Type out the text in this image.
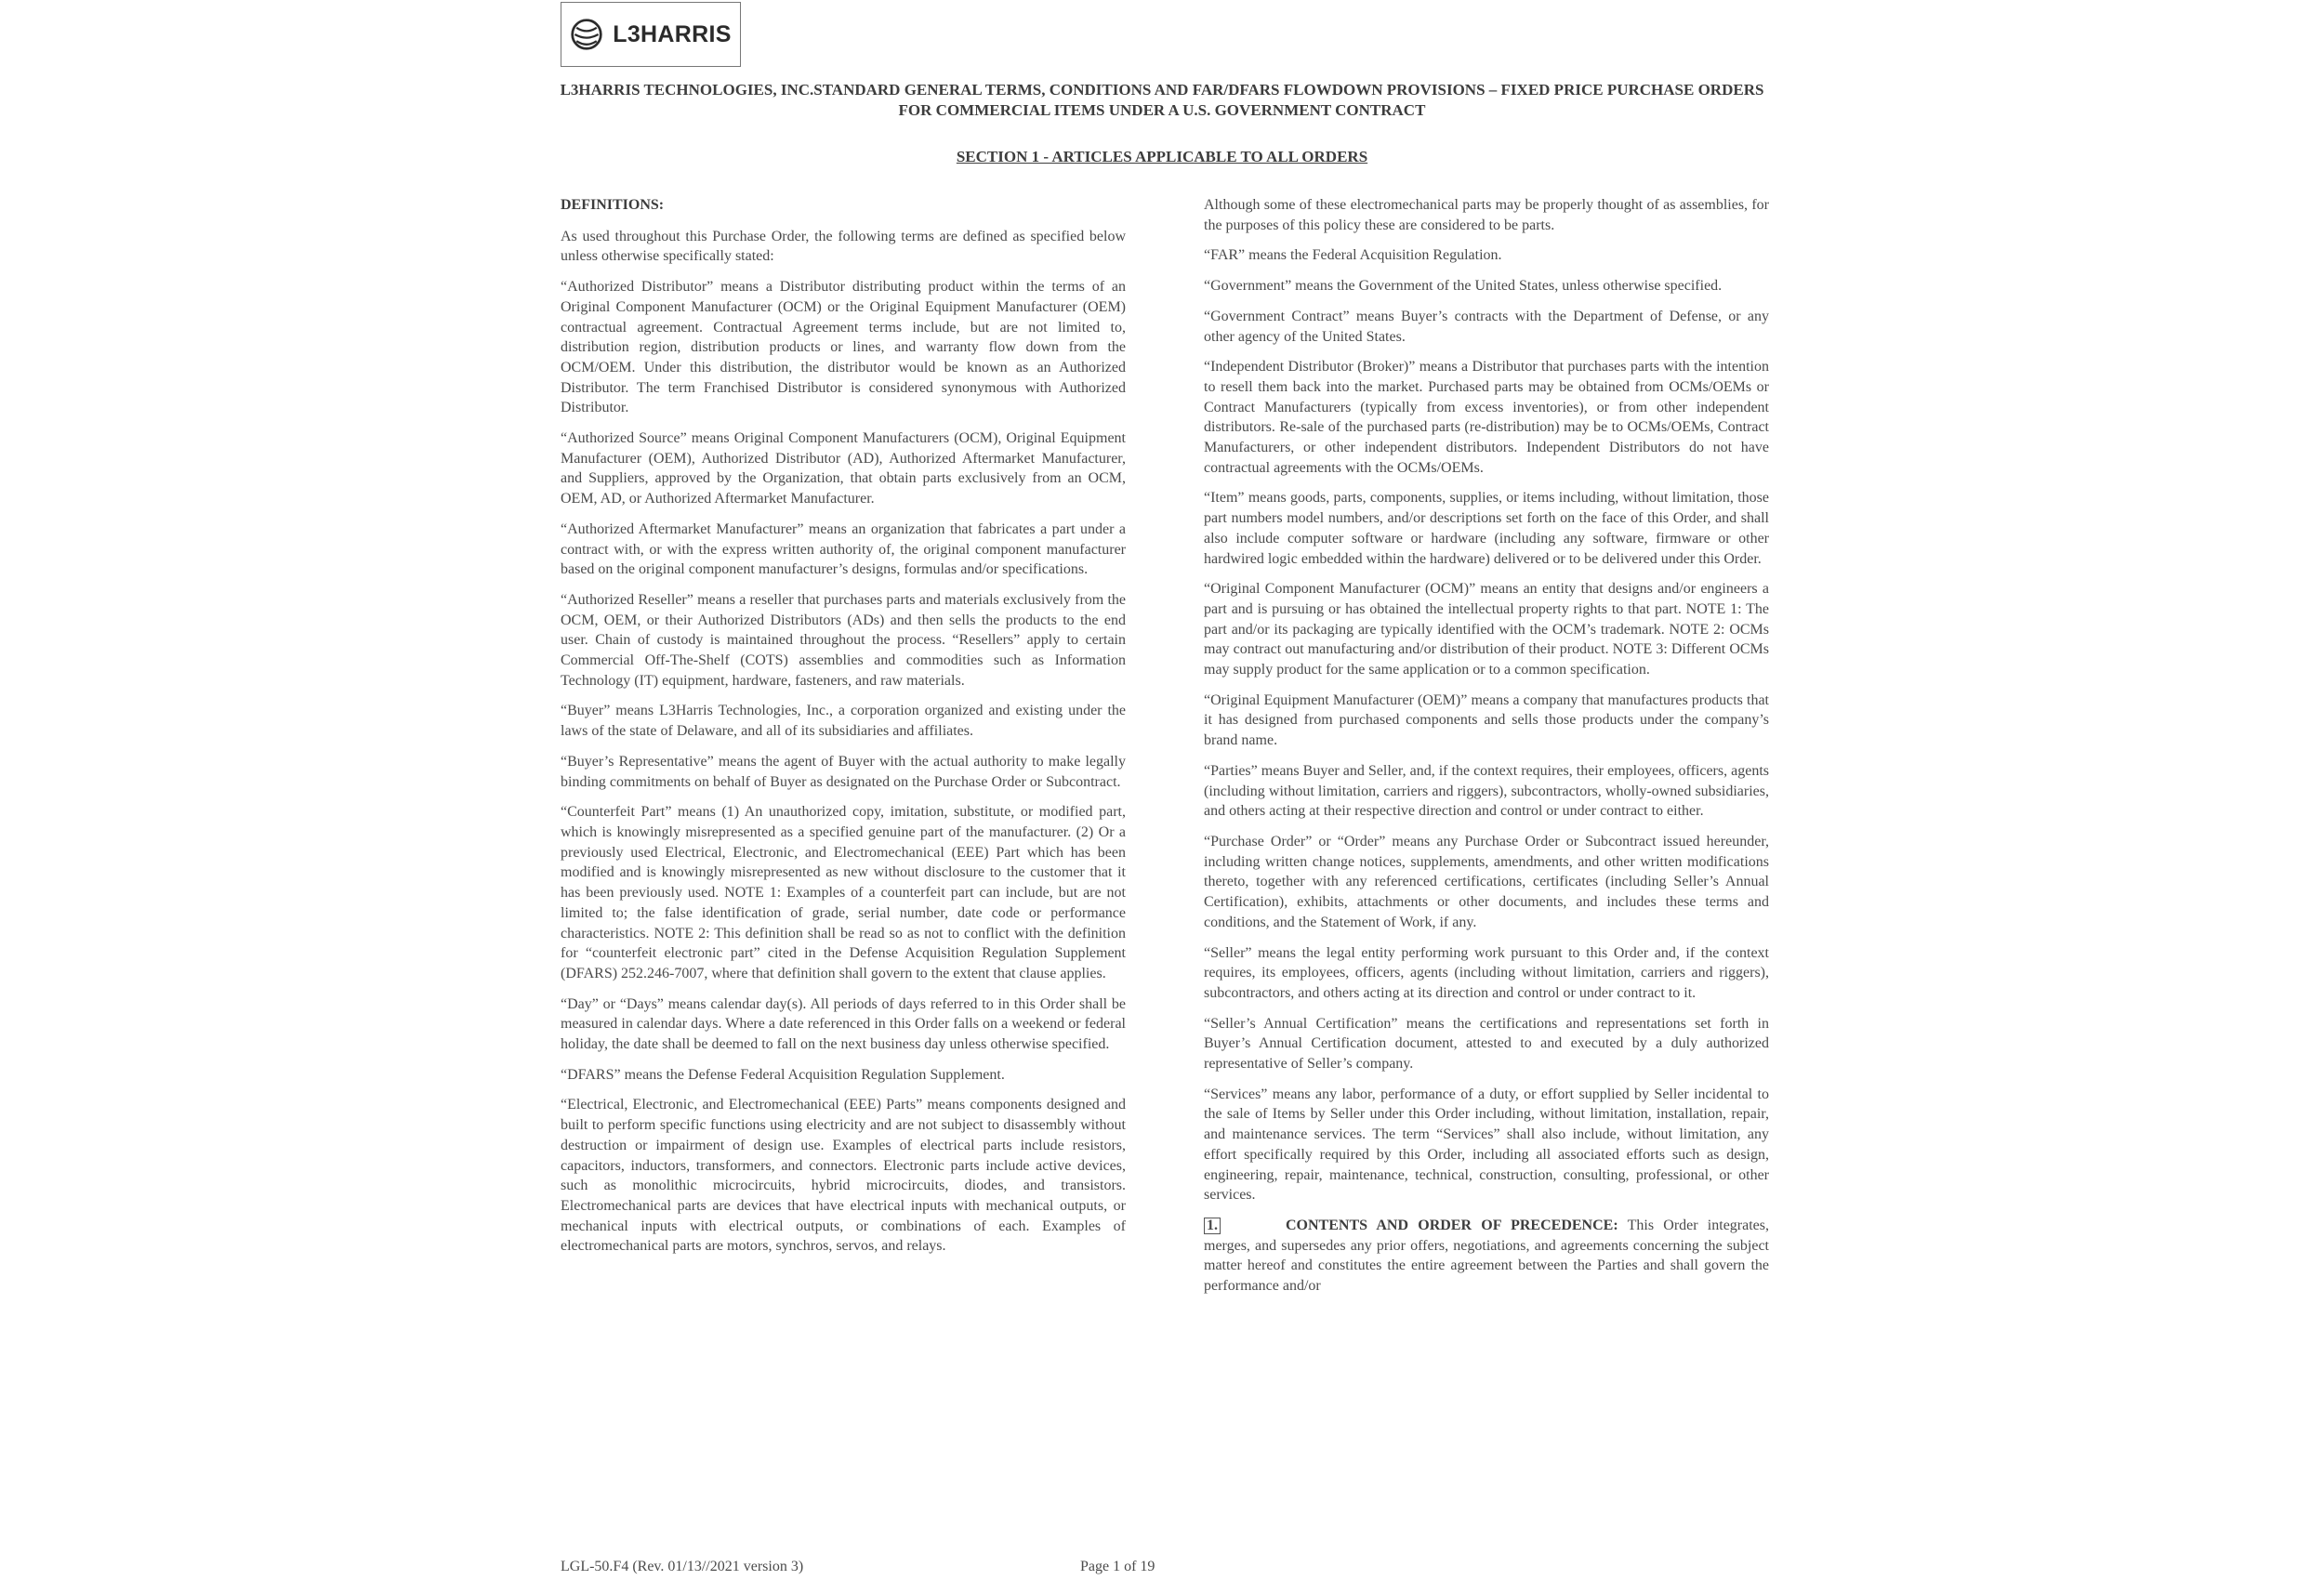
L3HARRIS
L3HARRIS TECHNOLOGIES, INC.STANDARD GENERAL TERMS, CONDITIONS AND FAR/DFARS FLOWDOWN PROVISIONS – FIXED PRICE PURCHASE ORDERS FOR COMMERCIAL ITEMS UNDER A U.S. GOVERNMENT CONTRACT
SECTION 1 - ARTICLES APPLICABLE TO ALL ORDERS
DEFINITIONS:

As used throughout this Purchase Order, the following terms are defined as specified below unless otherwise specifically stated:

“Authorized Distributor” means a Distributor distributing product within the terms of an Original Component Manufacturer (OCM) or the Original Equipment Manufacturer (OEM) contractual agreement. Contractual Agreement terms include, but are not limited to, distribution region, distribution products or lines, and warranty flow down from the OCM/OEM. Under this distribution, the distributor would be known as an Authorized Distributor. The term Franchised Distributor is considered synonymous with Authorized Distributor.

“Authorized Source” means Original Component Manufacturers (OCM), Original Equipment Manufacturer (OEM), Authorized Distributor (AD), Authorized Aftermarket Manufacturer, and Suppliers, approved by the Organization, that obtain parts exclusively from an OCM, OEM, AD, or Authorized Aftermarket Manufacturer.

“Authorized Aftermarket Manufacturer” means an organization that fabricates a part under a contract with, or with the express written authority of, the original component manufacturer based on the original component manufacturer’s designs, formulas and/or specifications.

“Authorized Reseller” means a reseller that purchases parts and materials exclusively from the OCM, OEM, or their Authorized Distributors (ADs) and then sells the products to the end user. Chain of custody is maintained throughout the process. “Resellers” apply to certain Commercial Off-The-Shelf (COTS) assemblies and commodities such as Information Technology (IT) equipment, hardware, fasteners, and raw materials.

“Buyer” means L3Harris Technologies, Inc., a corporation organized and existing under the laws of the state of Delaware, and all of its subsidiaries and affiliates.

“Buyer’s Representative” means the agent of Buyer with the actual authority to make legally binding commitments on behalf of Buyer as designated on the Purchase Order or Subcontract.

“Counterfeit Part” means (1) An unauthorized copy, imitation, substitute, or modified part, which is knowingly misrepresented as a specified genuine part of the manufacturer. (2) Or a previously used Electrical, Electronic, and Electromechanical (EEE) Part which has been modified and is knowingly misrepresented as new without disclosure to the customer that it has been previously used. NOTE 1: Examples of a counterfeit part can include, but are not limited to; the false identification of grade, serial number, date code or performance characteristics. NOTE 2: This definition shall be read so as not to conflict with the definition for “counterfeit electronic part” cited in the Defense Acquisition Regulation Supplement (DFARS) 252.246-7007, where that definition shall govern to the extent that clause applies.

“Day” or “Days” means calendar day(s). All periods of days referred to in this Order shall be measured in calendar days. Where a date referenced in this Order falls on a weekend or federal holiday, the date shall be deemed to fall on the next business day unless otherwise specified.

“DFARS” means the Defense Federal Acquisition Regulation Supplement.

“Electrical, Electronic, and Electromechanical (EEE) Parts” means components designed and built to perform specific functions using electricity and are not subject to disassembly without destruction or impairment of design use. Examples of electrical parts include resistors, capacitors, inductors, transformers, and connectors. Electronic parts include active devices, such as monolithic microcircuits, hybrid microcircuits, diodes, and transistors. Electromechanical parts are devices that have electrical inputs with mechanical outputs, or mechanical inputs with electrical outputs, or combinations of each. Examples of electromechanical parts are motors, synchros, servos, and relays.

Although some of these electromechanical parts may be properly thought of as assemblies, for the purposes of this policy these are considered to be parts.

“FAR” means the Federal Acquisition Regulation.

“Government” means the Government of the United States, unless otherwise specified.

“Government Contract” means Buyer’s contracts with the Department of Defense, or any other agency of the United States.

“Independent Distributor (Broker)” means a Distributor that purchases parts with the intention to resell them back into the market. Purchased parts may be obtained from OCMs/OEMs or Contract Manufacturers (typically from excess inventories), or from other independent distributors. Re-sale of the purchased parts (re-distribution) may be to OCMs/OEMs, Contract Manufacturers, or other independent distributors. Independent Distributors do not have contractual agreements with the OCMs/OEMs.

“Item” means goods, parts, components, supplies, or items including, without limitation, those part numbers model numbers, and/or descriptions set forth on the face of this Order, and shall also include computer software or hardware (including any software, firmware or other hardwired logic embedded within the hardware) delivered or to be delivered under this Order.

“Original Component Manufacturer (OCM)” means an entity that designs and/or engineers a part and is pursuing or has obtained the intellectual property rights to that part. NOTE 1: The part and/or its packaging are typically identified with the OCM’s trademark. NOTE 2: OCMs may contract out manufacturing and/or distribution of their product. NOTE 3: Different OCMs may supply product for the same application or to a common specification.

“Original Equipment Manufacturer (OEM)” means a company that manufactures products that it has designed from purchased components and sells those products under the company’s brand name.

“Parties” means Buyer and Seller, and, if the context requires, their employees, officers, agents (including without limitation, carriers and riggers), subcontractors, wholly-owned subsidiaries, and others acting at their respective direction and control or under contract to either.

“Purchase Order” or “Order” means any Purchase Order or Subcontract issued hereunder, including written change notices, supplements, amendments, and other written modifications thereto, together with any referenced certifications, certificates (including Seller’s Annual Certification), exhibits, attachments or other documents, and includes these terms and conditions, and the Statement of Work, if any.

“Seller” means the legal entity performing work pursuant to this Order and, if the context requires, its employees, officers, agents (including without limitation, carriers and riggers), subcontractors, and others acting at its direction and control or under contract to it.

“Seller’s Annual Certification” means the certifications and representations set forth in Buyer’s Annual Certification document, attested to and executed by a duly authorized representative of Seller’s company.

“Services” means any labor, performance of a duty, or effort supplied by Seller incidental to the sale of Items by Seller under this Order including, without limitation, installation, repair, and maintenance services. The term “Services” shall also include, without limitation, any effort specifically required by this Order, including all associated efforts such as design, engineering, repair, maintenance, technical, construction, consulting, professional, or other services.

1.	CONTENTS AND ORDER OF PRECEDENCE: This Order integrates, merges, and supersedes any prior offers, negotiations, and agreements concerning the subject matter hereof and constitutes the entire agreement between the Parties and shall govern the performance and/or

LGL-50.F4 (Rev. 01/13//2021 version 3)	Page 1 of 19
